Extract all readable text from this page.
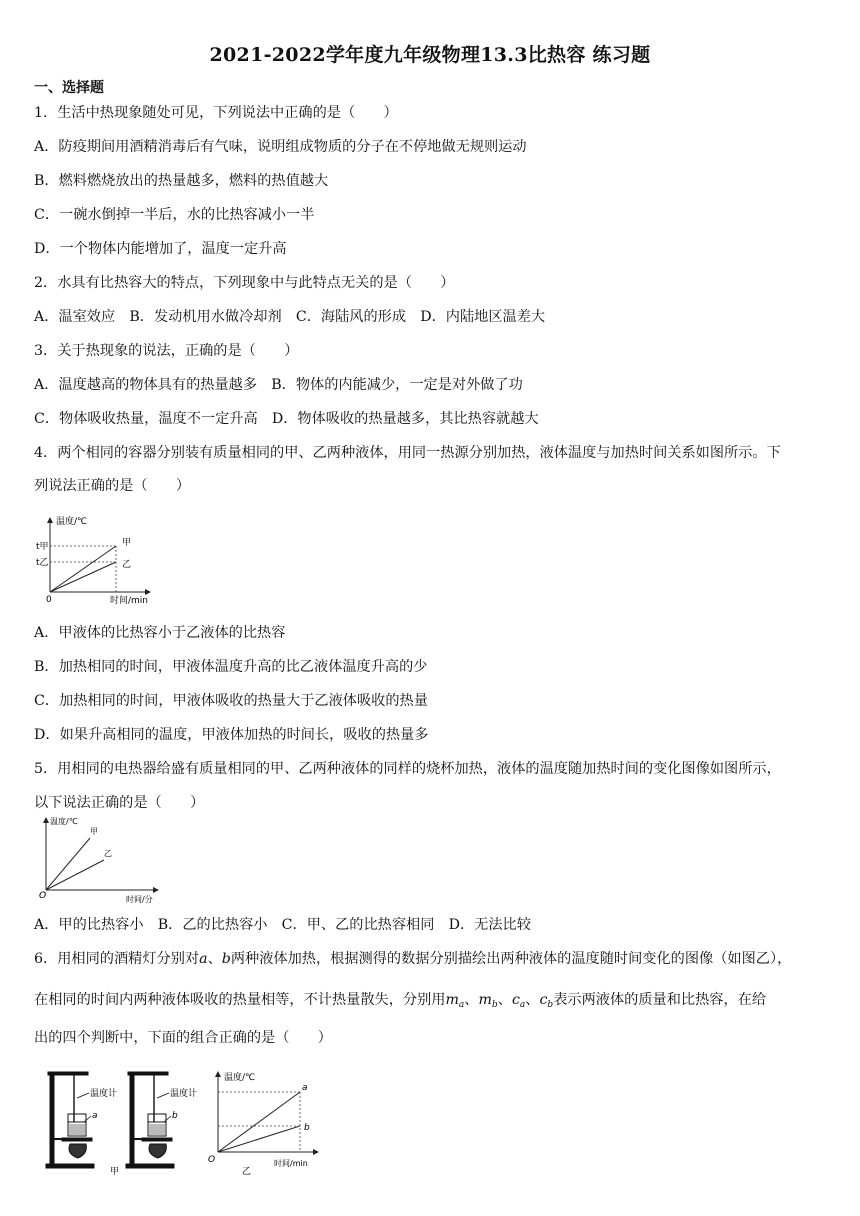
2021-2022学年度九年级物理13.3比热容 练习题
一、选择题
1．生活中热现象随处可见，下列说法中正确的是（　　）
A．防疫期间用酒精消毒后有气味，说明组成物质的分子在不停地做无规则运动
B．燃料燃烧放出的热量越多，燃料的热值越大
C．一碗水倒掉一半后，水的比热容减小一半
D．一个物体内能增加了，温度一定升高
2．水具有比热容大的特点，下列现象中与此特点无关的是（　　）
A．温室效应　B．发动机用水做冷却剂　C．海陆风的形成　D．内陆地区温差大
3．关于热现象的说法，正确的是（　　）
A．温度越高的物体具有的热量越多　B．物体的内能减少，一定是对外做了功
C．物体吸收热量，温度不一定升高　D．物体吸收的热量越多，其比热容就越大
4．两个相同的容器分别装有质量相同的甲、乙两种液体，用同一热源分别加热，液体温度与加热时间关系如图所示。下
列说法正确的是（　　）
温度/℃
时间/min
0
t甲
t乙
甲
乙
A．甲液体的比热容小于乙液体的比热容
B．加热相同的时间，甲液体温度升高的比乙液体温度升高的少
C．加热相同的时间，甲液体吸收的热量大于乙液体吸收的热量
D．如果升高相同的温度，甲液体加热的时间长，吸收的热量多
5．用相同的电热器给盛有质量相同的甲、乙两种液体的同样的烧杯加热，液体的温度随加热时间的变化图像如图所示，
以下说法正确的是（　　）
温度/℃
时间/分
O
甲
乙
A．甲的比热容小　B．乙的比热容小　C．甲、乙的比热容相同　D．无法比较
6．用相同的酒精灯分别对a、b两种液体加热，根据测得的数据分别描绘出两种液体的温度随时间变化的图像（如图乙），
在相同的时间内两种液体吸收的热量相等，不计热量散失，分别用$m_a$、$m_b$、$c_a$、$c_b$表示两液体的质量和比热容，在给
出的四个判断中，下面的组合正确的是（　　）
温度计
a
甲
温度计
b
温度/℃
时间/min
O
a
b
乙
